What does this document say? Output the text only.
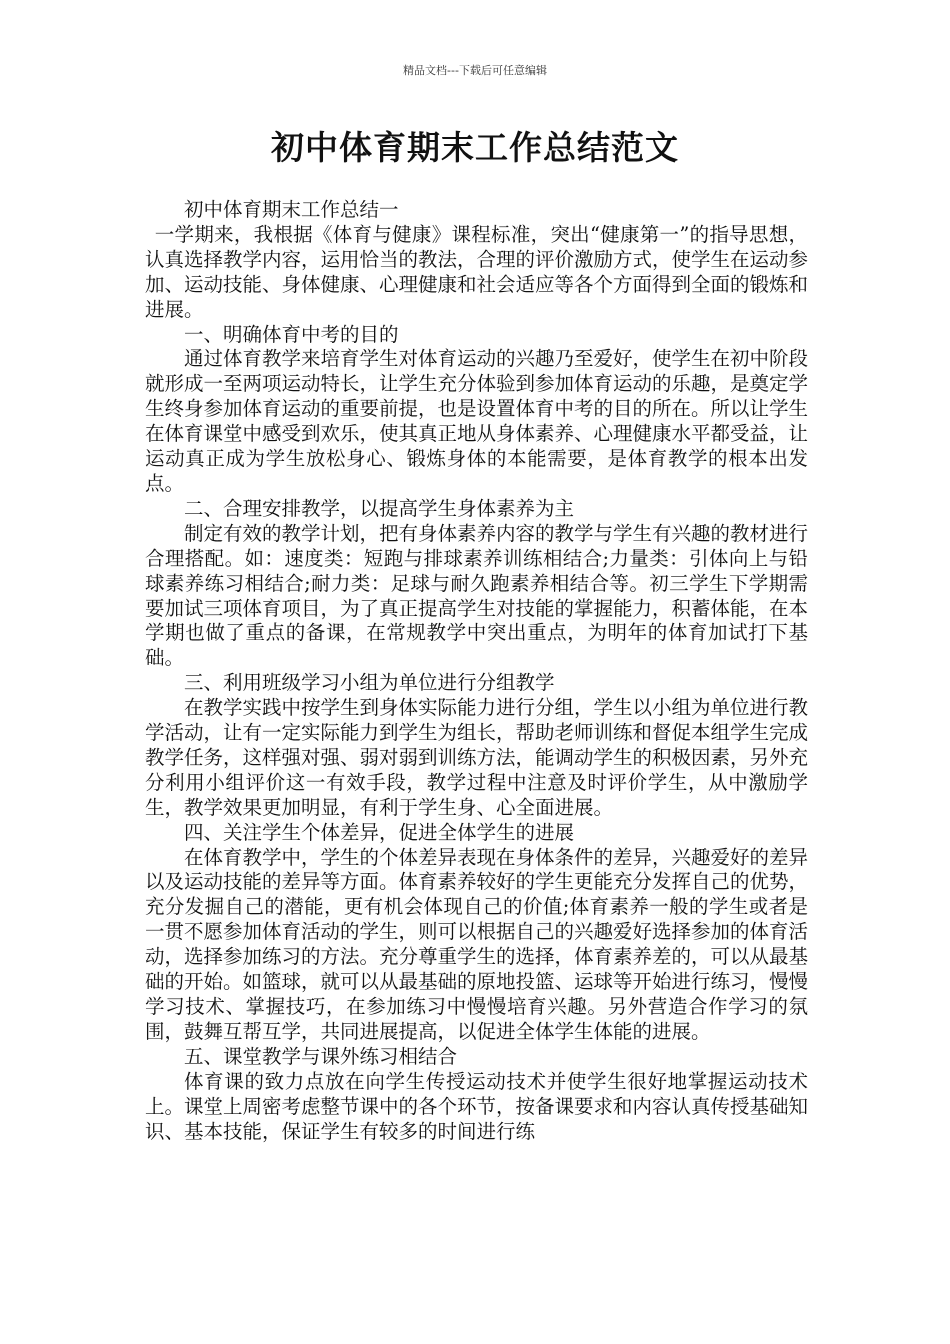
精品文档---下载后可任意编辑
初中体育期末工作总结范文

初中体育期末工作总结一

一学期来，我根据《体育与健康》课程标准，突出“健康第一”的指导思想，认真选择教学内容，运用恰当的教法，合理的评价激励方式，使学生在运动参加、运动技能、身体健康、心理健康和社会适应等各个方面得到全面的锻炼和进展。

一、明确体育中考的目的

通过体育教学来培育学生对体育运动的兴趣乃至爱好，使学生在初中阶段就形成一至两项运动特长，让学生充分体验到参加体育运动的乐趣，是奠定学生终身参加体育运动的重要前提，也是设置体育中考的目的所在。所以让学生在体育课堂中感受到欢乐，使其真正地从身体素养、心理健康水平都受益，让运动真正成为学生放松身心、锻炼身体的本能需要，是体育教学的根本出发点。

二、合理安排教学，以提高学生身体素养为主

制定有效的教学计划，把有身体素养内容的教学与学生有兴趣的教材进行合理搭配。如：速度类：短跑与排球素养训练相结合;力量类：引体向上与铅球素养练习相结合;耐力类：足球与耐久跑素养相结合等。初三学生下学期需要加试三项体育项目，为了真正提高学生对技能的掌握能力，积蓄体能，在本学期也做了重点的备课，在常规教学中突出重点，为明年的体育加试打下基础。

三、利用班级学习小组为单位进行分组教学

在教学实践中按学生到身体实际能力进行分组，学生以小组为单位进行教学活动，让有一定实际能力到学生为组长，帮助老师训练和督促本组学生完成教学任务，这样强对强、弱对弱到训练方法，能调动学生的积极因素，另外充分利用小组评价这一有效手段，教学过程中注意及时评价学生，从中激励学生，教学效果更加明显，有利于学生身、心全面进展。

四、关注学生个体差异，促进全体学生的进展

在体育教学中，学生的个体差异表现在身体条件的差异，兴趣爱好的差异以及运动技能的差异等方面。体育素养较好的学生更能充分发挥自己的优势，充分发掘自己的潜能，更有机会体现自己的价值;体育素养一般的学生或者是一贯不愿参加体育活动的学生，则可以根据自己的兴趣爱好选择参加的体育活动，选择参加练习的方法。充分尊重学生的选择，体育素养差的，可以从最基础的开始。如篮球，就可以从最基础的原地投篮、运球等开始进行练习，慢慢学习技术、掌握技巧，在参加练习中慢慢培育兴趣。另外营造合作学习的氛围，鼓舞互帮互学，共同进展提高，以促进全体学生体能的进展。

五、课堂教学与课外练习相结合

体育课的致力点放在向学生传授运动技术并使学生很好地掌握运动技术上。课堂上周密考虑整节课中的各个环节，按备课要求和内容认真传授基础知识、基本技能，保证学生有较多的时间进行练
